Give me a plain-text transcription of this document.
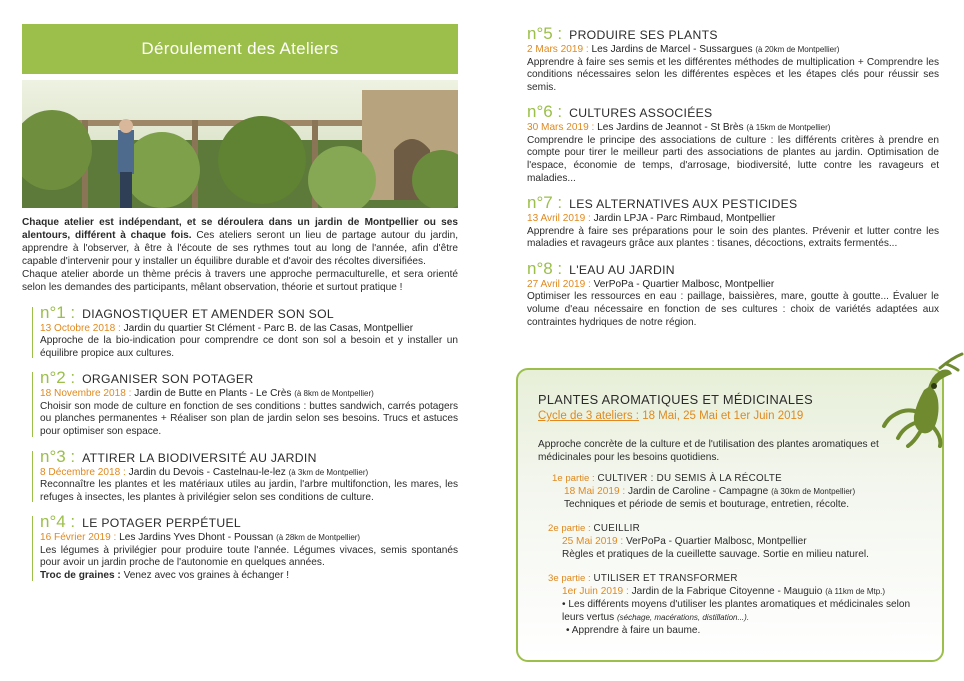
Déroulement des Ateliers
Chaque atelier est indépendant, et se déroulera dans un jardin de Montpellier ou ses alentours, différent à chaque fois. Ces ateliers seront un lieu de partage autour du jardin, apprendre à l'observer, à être à l'écoute de ses rythmes tout au long de l'année, afin d'être capable d'intervenir pour y installer un équilibre durable et d'avoir des récoltes diversifiées.
Chaque atelier aborde un thème précis à travers une approche permaculturelle, et sera orienté selon les demandes des participants, mêlant observation, théorie et surtout pratique !
n°1 : DIAGNOSTIQUER ET AMENDER SON SOL
13 Octobre 2018 : Jardin du quartier St Clément - Parc B. de las Casas, Montpellier
Approche de la bio-indication pour comprendre ce dont son sol a besoin et y installer un équilibre propice aux cultures.
n°2 : ORGANISER SON POTAGER
18 Novembre 2018 : Jardin de Butte en Plants - Le Crès (à 8km de Montpellier)
Choisir son mode de culture en fonction de ses conditions : buttes sandwich, carrés potagers ou planches permanentes + Réaliser son plan de jardin selon ses besoins. Trucs et astuces pour optimiser son espace.
n°3 : ATTIRER LA BIODIVERSITÉ AU JARDIN
8 Décembre 2018 : Jardin du Devois - Castelnau-le-lez (à 3km de Montpellier)
Reconnaître les plantes et les matériaux utiles au jardin, l'arbre multifonction, les mares, les refuges à insectes, les plantes à privilégier selon ses conditions de culture.
n°4 : LE POTAGER PERPÉTUEL
16 Février 2019 : Les Jardins Yves Dhont - Poussan (à 28km de Montpellier)
Les légumes à privilégier pour produire toute l'année. Légumes vivaces, semis spontanés pour avoir un jardin proche de l'autonomie en quelques années.
Troc de graines : Venez avec vos graines à échanger !
n°5 : PRODUIRE SES PLANTS
2 Mars 2019 : Les Jardins de Marcel - Sussargues (à 20km de Montpellier)
Apprendre à faire ses semis et les différentes méthodes de multiplication + Comprendre les conditions nécessaires selon les différentes espèces et les étapes clés pour réussir ses semis.
n°6 : CULTURES ASSOCIÉES
30 Mars 2019 : Les Jardins de Jeannot - St Brès (à 15km de Montpellier)
Comprendre le principe des associations de culture : les différents critères à prendre en compte pour tirer le meilleur parti des associations de plantes au jardin. Optimisation de l'espace, économie de temps, d'arrosage, biodiversité, lutte contre les ravageurs et maladies...
n°7 : LES ALTERNATIVES AUX PESTICIDES
13 Avril 2019 : Jardin LPJA - Parc Rimbaud, Montpellier
Apprendre à faire ses préparations pour le soin des plantes. Prévenir et lutter contre les maladies et ravageurs grâce aux plantes : tisanes, décoctions, extraits fermentés...
n°8 : L'EAU AU JARDIN
27 Avril 2019 : VerPoPa - Quartier Malbosc, Montpellier
Optimiser les ressources en eau : paillage, baissières, mare, goutte à goutte... Évaluer le volume d'eau nécessaire en fonction de ses cultures : choix de variétés adaptées aux contraintes hydriques de notre région.
PLANTES AROMATIQUES ET MÉDICINALES
Cycle de 3 ateliers : 18 Mai, 25 Mai et 1er Juin 2019
Approche concrète de la culture et de l'utilisation des plantes aromatiques et médicinales pour les besoins quotidiens.
1e partie : CULTIVER : DU SEMIS À LA RÉCOLTE
18 Mai 2019 : Jardin de Caroline - Campagne (à 30km de Montpellier)
Techniques et période de semis et bouturage, entretien, récolte.
2e partie : CUEILLIR
25 Mai 2019 : VerPoPa - Quartier Malbosc, Montpellier
Règles et pratiques de la cueillette sauvage. Sortie en milieu naturel.
3e partie : UTILISER ET TRANSFORMER
1er Juin 2019 : Jardin de la Fabrique Citoyenne - Mauguio (à 11km de Mtp.)
• Les différents moyens d'utiliser les plantes aromatiques et médicinales selon leurs vertus (séchage, macérations, distillation...).
• Apprendre à faire un baume.
